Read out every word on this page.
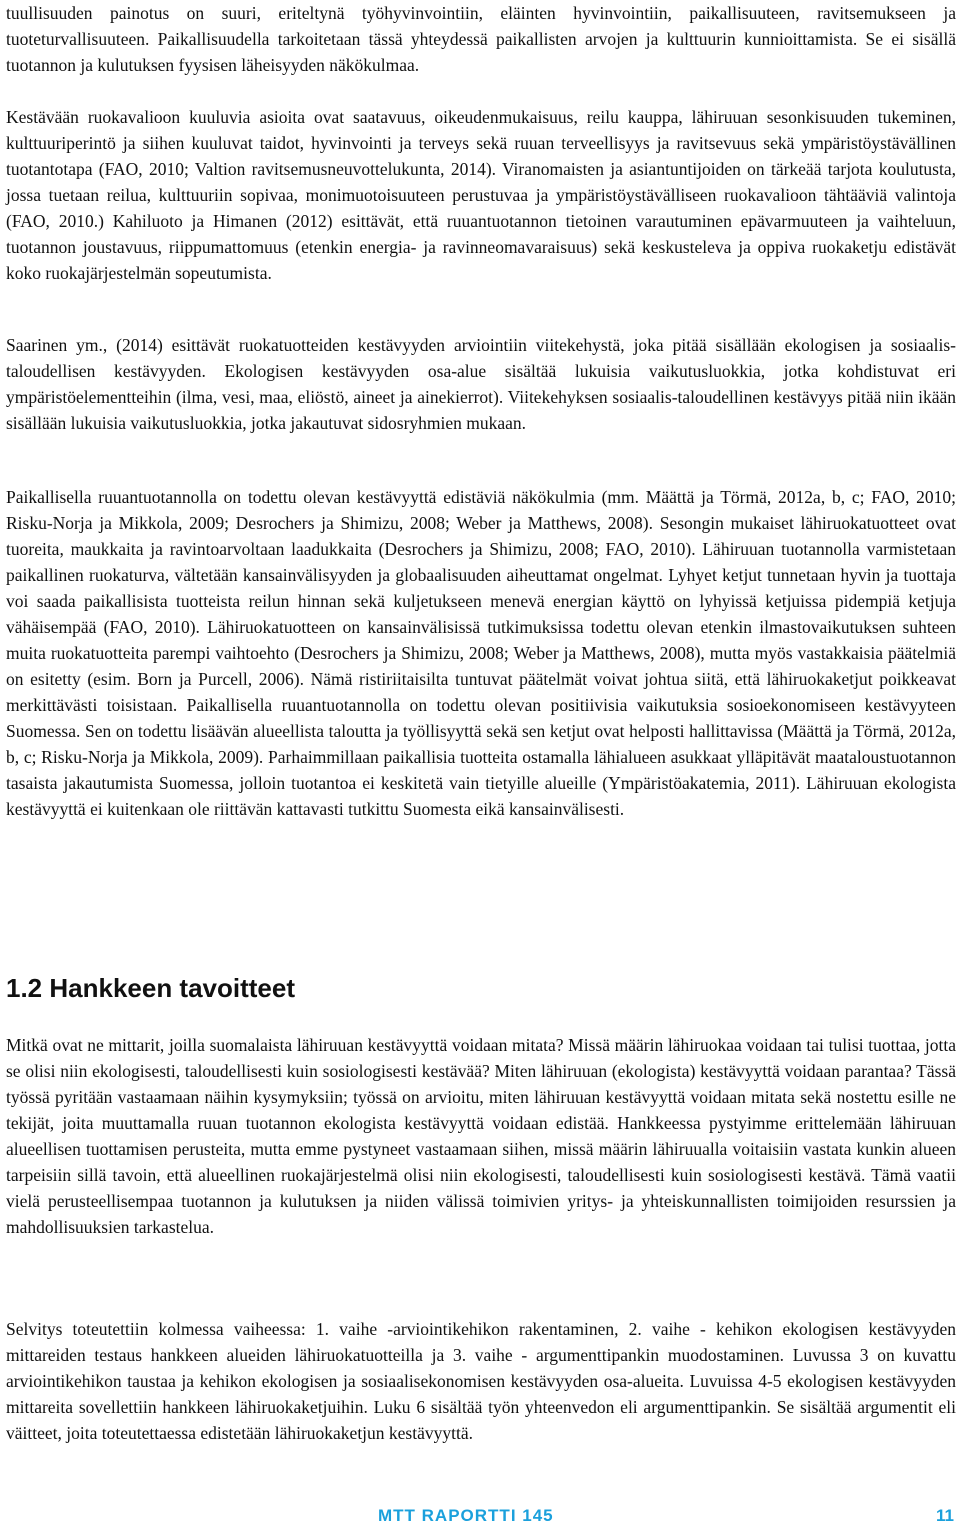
tuullisuuden painotus on suuri, eriteltynä työhyvinvointiin, eläinten hyvinvointiin, paikallisuuteen, ravitsemukseen ja tuoteturvallisuuteen. Paikallisuudella tarkoitetaan tässä yhteydessä paikallisten arvojen ja kulttuurin kunnioittamista. Se ei sisällä tuotannon ja kulutuksen fyysisen läheisyyden näkökulmaa.

Kestävään ruokavalioon kuuluvia asioita ovat saatavuus, oikeudenmukaisuus, reilu kauppa, lähiruuan sesonkisuuden tukeminen, kulttuuriperintö ja siihen kuuluvat taidot, hyvinvointi ja terveys sekä ruuan terveellisyys ja ravitsevuus sekä ympäristöystävällinen tuotantotapa (FAO, 2010; Valtion ravitsemusneuvottelukunta, 2014). Viranomaisten ja asiantuntijoiden on tärkeää tarjota koulutusta, jossa tuetaan reilua, kulttuuriin sopivaa, monimuotoisuuteen perustuvaa ja ympäristöystävälliseen ruokavalioon tähtääviä valintoja (FAO, 2010.) Kahiluoto ja Himanen (2012) esittävät, että ruuantuotannon tietoinen varautuminen epävarmuuteen ja vaihteluun, tuotannon joustavuus, riippumattomuus (etenkin energia- ja ravinneomavaraisuus) sekä keskusteleva ja oppiva ruokaketju edistävät koko ruokajärjestelmän sopeutumista.

Saarinen ym., (2014) esittävät ruokatuotteiden kestävyyden arviointiin viitekehystä, joka pitää sisällään ekologisen ja sosiaalis-taloudellisen kestävyyden. Ekologisen kestävyyden osa-alue sisältää lukuisia vaikutusluokkia, jotka kohdistuvat eri ympäristöelementteihin (ilma, vesi, maa, eliöstö, aineet ja ainekierrot). Viitekehyksen sosiaalis-taloudellinen kestävyys pitää niin ikään sisällään lukuisia vaikutusluokkia, jotka jakautuvat sidosryhmien mukaan.

Paikallisella ruuantuotannolla on todettu olevan kestävyyttä edistäviä näkökulmia (mm. Määttä ja Törmä, 2012a, b, c; FAO, 2010; Risku-Norja ja Mikkola, 2009; Desrochers ja Shimizu, 2008; Weber ja Matthews, 2008). Sesongin mukaiset lähiruokatuotteet ovat tuoreita, maukkaita ja ravintoarvoltaan laadukkaita (Desrochers ja Shimizu, 2008; FAO, 2010). Lähiruuan tuotannolla varmistetaan paikallinen ruokaturva, vältetään kansainvälisyyden ja globaalisuuden aiheuttamat ongelmat. Lyhyet ketjut tunnetaan hyvin ja tuottaja voi saada paikallisista tuotteista reilun hinnan sekä kuljetukseen menevä energian käyttö on lyhyissä ketjuissa pidempiä ketjuja vähäisempää (FAO, 2010). Lähiruokatuotteen on kansainvälisissä tutkimuksissa todettu olevan etenkin ilmastovaikutuksen suhteen muita ruokatuotteita parempi vaihtoehto (Desrochers ja Shimizu, 2008; Weber ja Matthews, 2008), mutta myös vastakkaisia päätelmiä on esitetty (esim. Born ja Purcell, 2006). Nämä ristiriitaisilta tuntuvat päätelmät voivat johtua siitä, että lähiruokaketjut poikkeavat merkittävästi toisistaan. Paikallisella ruuantuotannolla on todettu olevan positiivisia vaikutuksia sosioekonomiseen kestävyyteen Suomessa. Sen on todettu lisäävän alueellista taloutta ja työllisyyttä sekä sen ketjut ovat helposti hallittavissa (Määttä ja Törmä, 2012a, b, c; Risku-Norja ja Mikkola, 2009). Parhaimmillaan paikallisia tuotteita ostamalla lähialueen asukkaat ylläpitävät maataloustuotannon tasaista jakautumista Suomessa, jolloin tuotantoa ei keskitetä vain tietyille alueille (Ympäristöakatemia, 2011). Lähiruuan ekologista kestävyyttä ei kuitenkaan ole riittävän kattavasti tutkittu Suomesta eikä kansainvälisesti.

1.2 Hankkeen tavoitteet

Mitkä ovat ne mittarit, joilla suomalaista lähiruuan kestävyyttä voidaan mitata? Missä määrin lähiruokaa voidaan tai tulisi tuottaa, jotta se olisi niin ekologisesti, taloudellisesti kuin sosiologisesti kestävää? Miten lähiruuan (ekologista) kestävyyttä voidaan parantaa? Tässä työssä pyritään vastaamaan näihin kysymyksiin; työssä on arvioitu, miten lähiruuan kestävyyttä voidaan mitata sekä nostettu esille ne tekijät, joita muuttamalla ruuan tuotannon ekologista kestävyyttä voidaan edistää. Hankkeessa pystyimme erittelemään lähiruuan alueellisen tuottamisen perusteita, mutta emme pystyneet vastaamaan siihen, missä määrin lähiruualla voitaisiin vastata kunkin alueen tarpeisiin sillä tavoin, että alueellinen ruokajärjestelmä olisi niin ekologisesti, taloudellisesti kuin sosiologisesti kestävä. Tämä vaatii vielä perusteellisempaa tuotannon ja kulutuksen ja niiden välissä toimivien yritys- ja yhteiskunnallisten toimijoiden resurssien ja mahdollisuuksien tarkastelua.

Selvitys toteutettiin kolmessa vaiheessa: 1. vaihe -arviointikehikon rakentaminen, 2. vaihe - kehikon ekologisen kestävyyden mittareiden testaus hankkeen alueiden lähiruokatuotteilla ja 3. vaihe - argumenttipankin muodostaminen. Luvussa 3 on kuvattu arviointikehikon taustaa ja kehikon ekologisen ja sosiaalisekonomisen kestävyyden osa-alueita. Luvuissa 4-5 ekologisen kestävyyden mittareita sovellettiin hankkeen lähiruokaketjuihin. Luku 6 sisältää työn yhteenvedon eli argumenttipankin. Se sisältää argumentit eli väitteet, joita toteutettaessa edistetään lähiruokaketjun kestävyyttä.

MTT RAPORTTI 145	11
